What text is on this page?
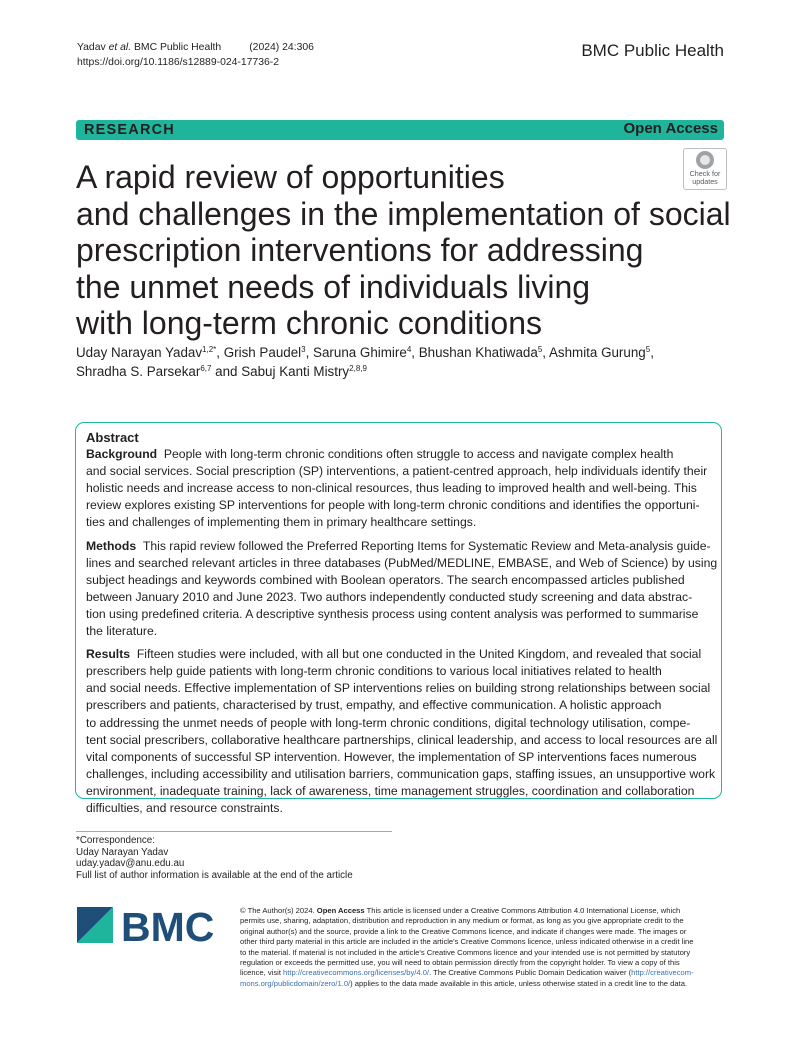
Yadav et al. BMC Public Health	(2024) 24:306
https://doi.org/10.1186/s12889-024-17736-2
BMC Public Health
RESEARCH	Open Access
Check for
updates
A rapid review of opportunities
and challenges in the implementation of social
prescription interventions for addressing
the unmet needs of individuals living
with long-term chronic conditions
Uday Narayan Yadav$^{1,2*}$, Grish Paudel$^3$, Saruna Ghimire$^4$, Bhushan Khatiwada$^5$, Ashmita Gurung$^5$,
Shradha S. Parsekar$^{6,7}$ and Sabuj Kanti Mistry$^{2,8,9}$
Abstract
Background People with long-term chronic conditions often struggle to access and navigate complex health
and social services. Social prescription (SP) interventions, a patient-centred approach, help individuals identify their
holistic needs and increase access to non-clinical resources, thus leading to improved health and well-being. This
review explores existing SP interventions for people with long-term chronic conditions and identifies the opportuni-
ties and challenges of implementing them in primary healthcare settings.
Methods This rapid review followed the Preferred Reporting Items for Systematic Review and Meta-analysis guide-
lines and searched relevant articles in three databases (PubMed/MEDLINE, EMBASE, and Web of Science) by using
subject headings and keywords combined with Boolean operators. The search encompassed articles published
between January 2010 and June 2023. Two authors independently conducted study screening and data abstrac-
tion using predefined criteria. A descriptive synthesis process using content analysis was performed to summarise
the literature.
Results Fifteen studies were included, with all but one conducted in the United Kingdom, and revealed that social
prescribers help guide patients with long-term chronic conditions to various local initiatives related to health
and social needs. Effective implementation of SP interventions relies on building strong relationships between social
prescribers and patients, characterised by trust, empathy, and effective communication. A holistic approach
to addressing the unmet needs of people with long-term chronic conditions, digital technology utilisation, compe-
tent social prescribers, collaborative healthcare partnerships, clinical leadership, and access to local resources are all
vital components of successful SP intervention. However, the implementation of SP interventions faces numerous
challenges, including accessibility and utilisation barriers, communication gaps, staffing issues, an unsupportive work
environment, inadequate training, lack of awareness, time management struggles, coordination and collaboration
difficulties, and resource constraints.
*Correspondence:
Uday Narayan Yadav
uday.yadav@anu.edu.au
Full list of author information is available at the end of the article
BMC	© The Author(s) 2024. Open Access This article is licensed under a Creative Commons Attribution 4.0 International License, which
permits use, sharing, adaptation, distribution and reproduction in any medium or format, as long as you give appropriate credit to the
original author(s) and the source, provide a link to the Creative Commons licence, and indicate if changes were made. The images or
other third party material in this article are included in the article's Creative Commons licence, unless indicated otherwise in a credit line
to the material. If material is not included in the article's Creative Commons licence and your intended use is not permitted by statutory
regulation or exceeds the permitted use, you will need to obtain permission directly from the copyright holder. To view a copy of this
licence, visit http://creativecommons.org/licenses/by/4.0/. The Creative Commons Public Domain Dedication waiver (http://creativecom-
mons.org/publicdomain/zero/1.0/) applies to the data made available in this article, unless otherwise stated in a credit line to the data.
